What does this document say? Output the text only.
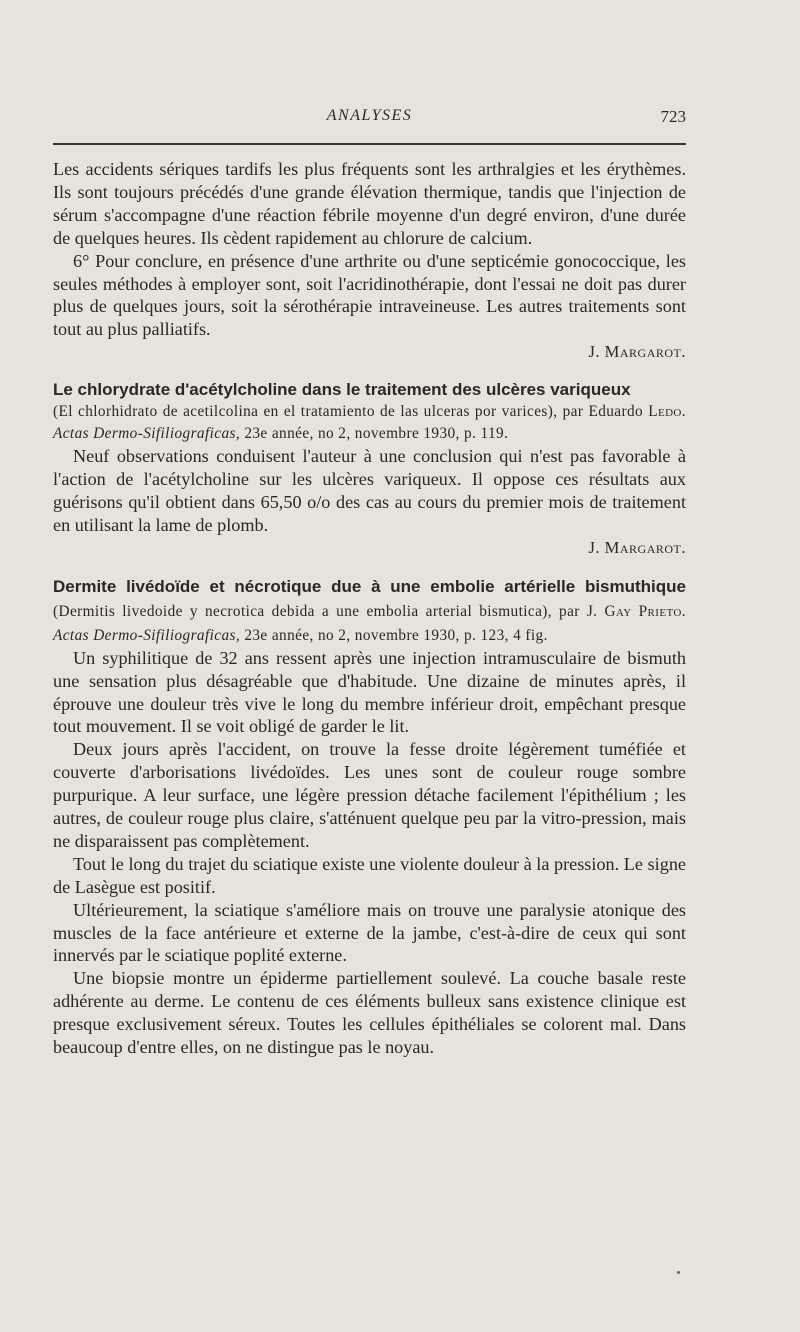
ANALYSES	723

Les accidents sériques tardifs les plus fréquents sont les arthralgies et les érythèmes. Ils sont toujours précédés d'une grande élévation thermique, tandis que l'injection de sérum s'accompagne d'une réaction fébrile moyenne d'un degré environ, d'une durée de quelques heures. Ils cèdent rapidement au chlorure de calcium.

6° Pour conclure, en présence d'une arthrite ou d'une septicémie gonococcique, les seules méthodes à employer sont, soit l'acridinothérapie, dont l'essai ne doit pas durer plus de quelques jours, soit la sérothérapie intraveineuse. Les autres traitements sont tout au plus palliatifs.

J. Margarot.

Le chlorydrate d'acétylcholine dans le traitement des ulcères variqueux
(El chlorhidrato de acetilcolina en el tratamiento de las ulceras por varices), par Eduardo Ledo. Actas Dermo-Sifiliograficas, 23e année, no 2, novembre 1930, p. 119.

Neuf observations conduisent l'auteur à une conclusion qui n'est pas favorable à l'action de l'acétylcholine sur les ulcères variqueux. Il oppose ces résultats aux guérisons qu'il obtient dans 65,50 o/o des cas au cours du premier mois de traitement en utilisant la lame de plomb.

J. Margarot.

Dermite livédoïde et nécrotique due à une embolie artérielle bismuthique (Dermitis livedoide y necrotica debida a une embolia arterial bismutica), par J. Gay Prieto. Actas Dermo-Sifiliograficas, 23e année, no 2, novembre 1930, p. 123, 4 fig.

Un syphilitique de 32 ans ressent après une injection intramusculaire de bismuth une sensation plus désagréable que d'habitude. Une dizaine de minutes après, il éprouve une douleur très vive le long du membre inférieur droit, empêchant presque tout mouvement. Il se voit obligé de garder le lit.

Deux jours après l'accident, on trouve la fesse droite légèrement tuméfiée et couverte d'arborisations livédoïdes. Les unes sont de couleur rouge sombre purpurique. A leur surface, une légère pression détache facilement l'épithélium ; les autres, de couleur rouge plus claire, s'atténuent quelque peu par la vitro-pression, mais ne disparaissent pas complètement.

Tout le long du trajet du sciatique existe une violente douleur à la pression. Le signe de Lasègue est positif.

Ultérieurement, la sciatique s'améliore mais on trouve une paralysie atonique des muscles de la face antérieure et externe de la jambe, c'est-à-dire de ceux qui sont innervés par le sciatique poplité externe.

Une biopsie montre un épiderme partiellement soulevé. La couche basale reste adhérente au derme. Le contenu de ces éléments bulleux sans existence clinique est presque exclusivement séreux. Toutes les cellules épithéliales se colorent mal. Dans beaucoup d'entre elles, on ne distingue pas le noyau.
